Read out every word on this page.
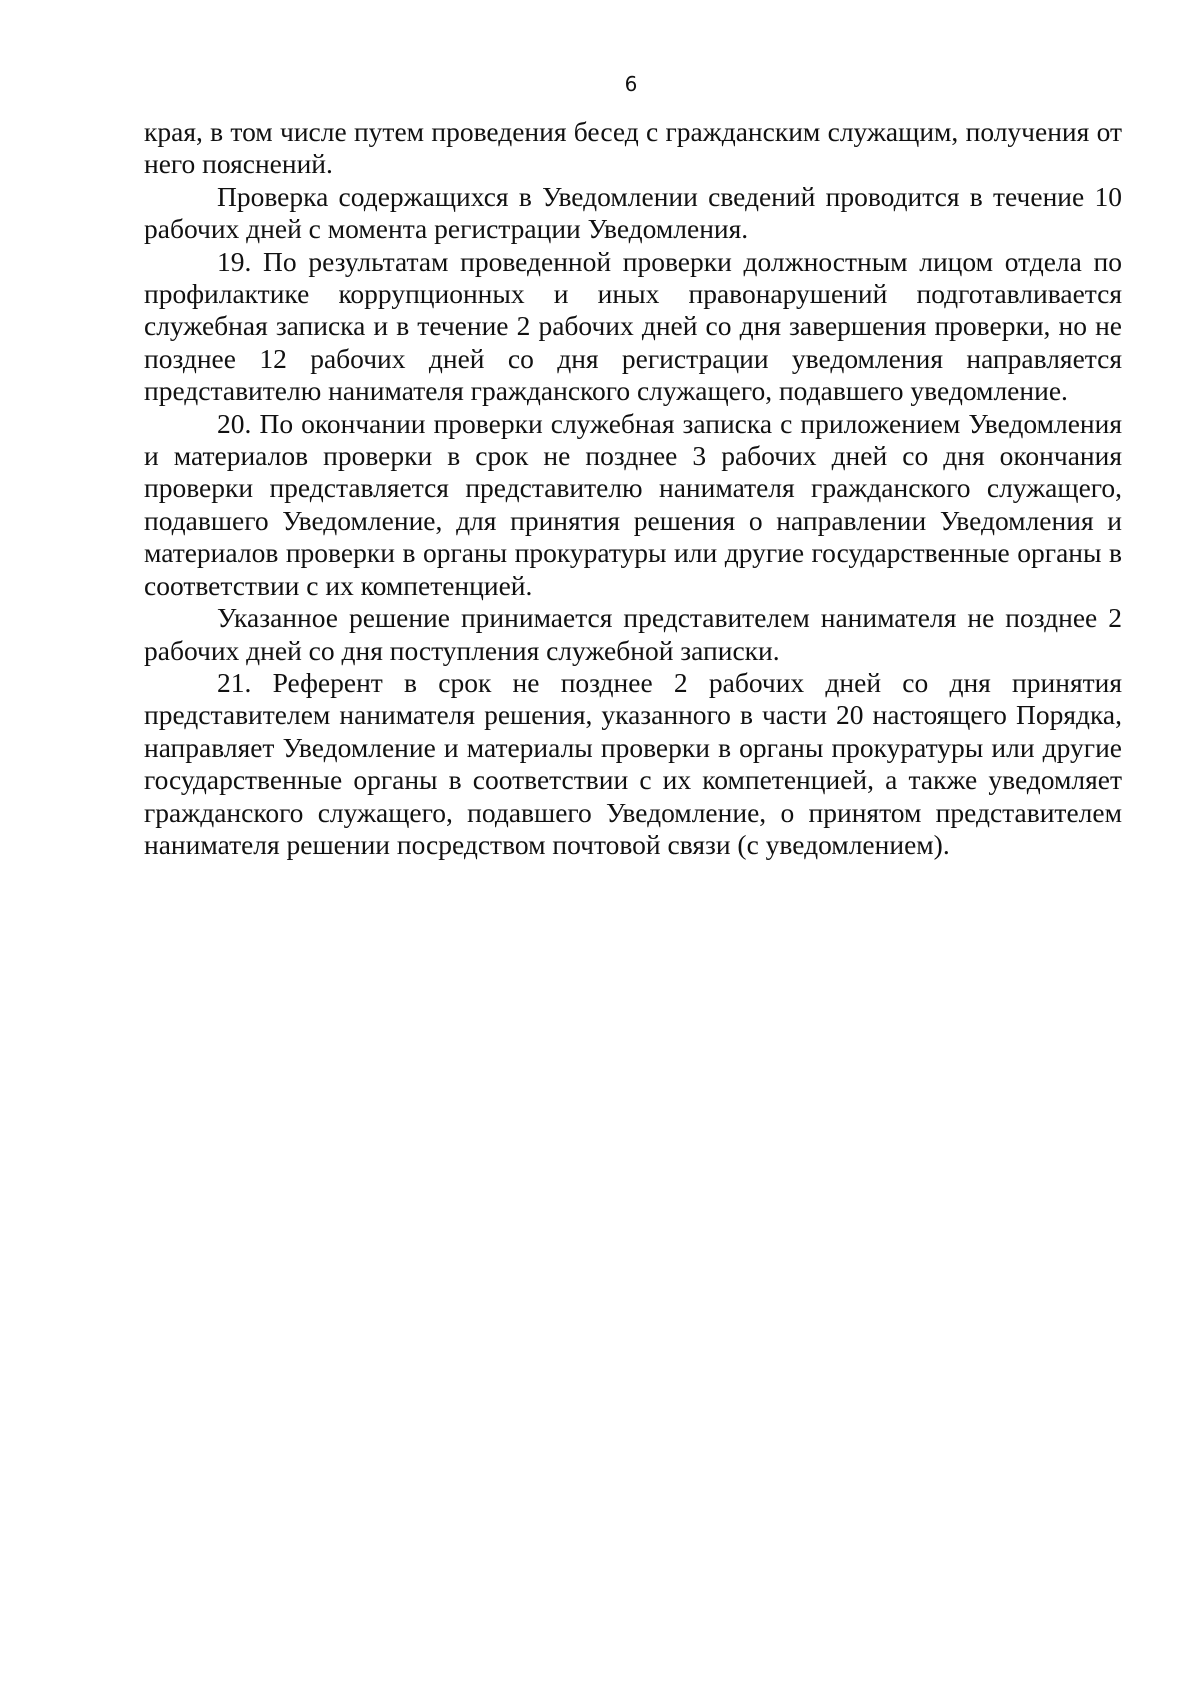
6

края, в том числе путем проведения бесед с гражданским служащим, получения от него пояснений.

Проверка содержащихся в Уведомлении сведений проводится в течение 10 рабочих дней с момента регистрации Уведомления.

19. По результатам проведенной проверки должностным лицом отдела по профилактике коррупционных и иных правонарушений подготавливается служебная записка и в течение 2 рабочих дней со дня завершения проверки, но не позднее 12 рабочих дней со дня регистрации уведомления направляется представителю нанимателя гражданского служащего, подавшего уведомление.

20. По окончании проверки служебная записка с приложением Уведомления и материалов проверки в срок не позднее 3 рабочих дней со дня окончания проверки представляется представителю нанимателя гражданского служащего, подавшего Уведомление, для принятия решения о направлении Уведомления и материалов проверки в органы прокуратуры или другие государственные органы в соответствии с их компетенцией.

Указанное решение принимается представителем нанимателя не позднее 2 рабочих дней со дня поступления служебной записки.

21. Референт в срок не позднее 2 рабочих дней со дня принятия представителем нанимателя решения, указанного в части 20 настоящего Порядка, направляет Уведомление и материалы проверки в органы прокуратуры или другие государственные органы в соответствии с их компетенцией, а также уведомляет гражданского служащего, подавшего Уведомление, о принятом представителем нанимателя решении посредством почтовой связи (с уведомлением).
